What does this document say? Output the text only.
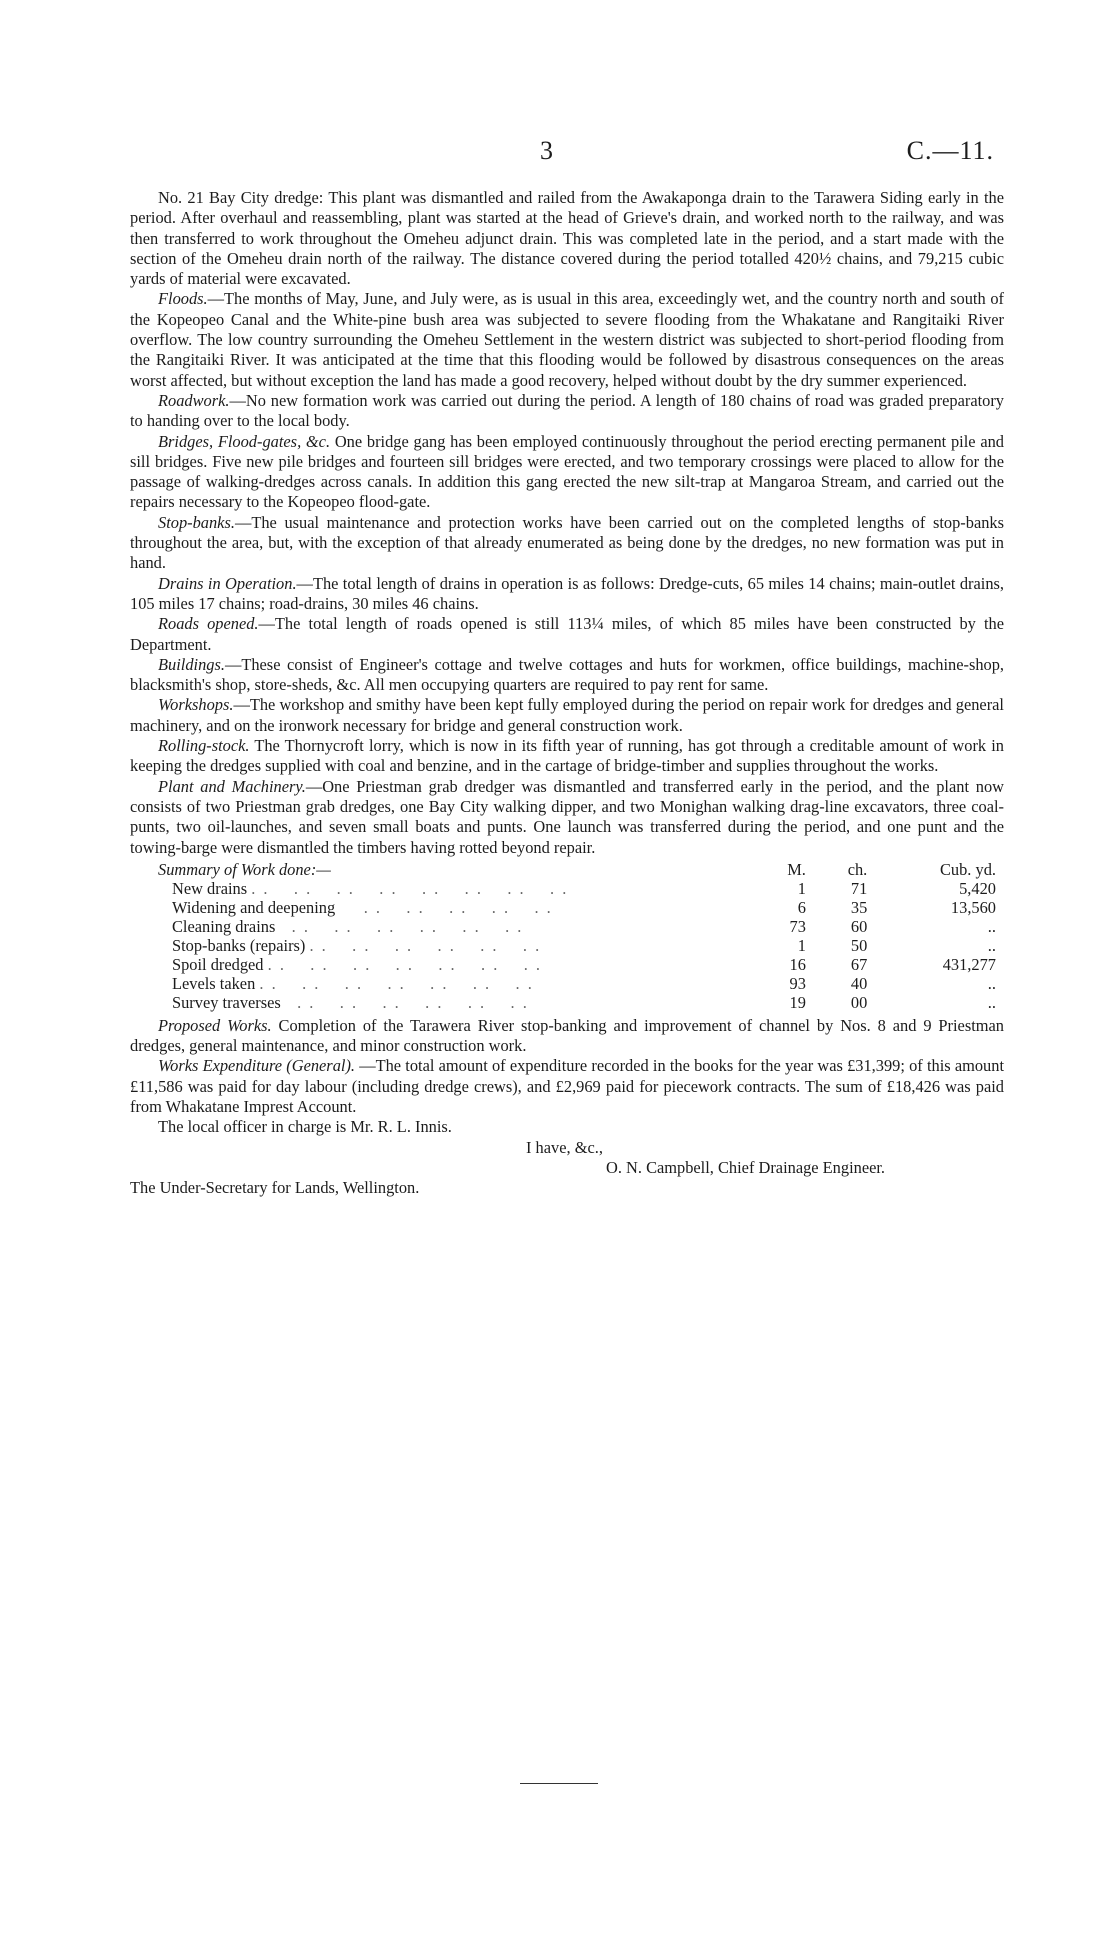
3	C.—11.

No. 21 Bay City dredge: This plant was dismantled and railed from the Awakaponga drain to the Tarawera Siding early in the period. After overhaul and reassembling, plant was started at the head of Grieve's drain, and worked north to the railway, and was then transferred to work throughout the Omeheu adjunct drain. This was completed late in the period, and a start made with the section of the Omeheu drain north of the railway. The distance covered during the period totalled 420½ chains, and 79,215 cubic yards of material were excavated.

Floods.—The months of May, June, and July were, as is usual in this area, exceedingly wet, and the country north and south of the Kopeopeo Canal and the White-pine bush area was subjected to severe flooding from the Whakatane and Rangitaiki River overflow. The low country surrounding the Omeheu Settlement in the western district was subjected to short-period flooding from the Rangitaiki River. It was anticipated at the time that this flooding would be followed by disastrous consequences on the areas worst affected, but without exception the land has made a good recovery, helped without doubt by the dry summer experienced.

Roadwork.—No new formation work was carried out during the period. A length of 180 chains of road was graded preparatory to handing over to the local body.

Bridges, Flood-gates, &c. One bridge gang has been employed continuously throughout the period erecting permanent pile and sill bridges. Five new pile bridges and fourteen sill bridges were erected, and two temporary crossings were placed to allow for the passage of walking-dredges across canals. In addition this gang erected the new silt-trap at Mangaroa Stream, and carried out the repairs necessary to the Kopeopeo flood-gate.

Stop-banks.—The usual maintenance and protection works have been carried out on the completed lengths of stop-banks throughout the area, but, with the exception of that already enumerated as being done by the dredges, no new formation was put in hand.

Drains in Operation.—The total length of drains in operation is as follows: Dredge-cuts, 65 miles 14 chains; main-outlet drains, 105 miles 17 chains; road-drains, 30 miles 46 chains.

Roads opened.—The total length of roads opened is still 113¼ miles, of which 85 miles have been constructed by the Department.

Buildings.—These consist of Engineer's cottage and twelve cottages and huts for workmen, office buildings, machine-shop, blacksmith's shop, store-sheds, &c. All men occupying quarters are required to pay rent for same.

Workshops.—The workshop and smithy have been kept fully employed during the period on repair work for dredges and general machinery, and on the ironwork necessary for bridge and general construction work.

Rolling-stock. The Thornycroft lorry, which is now in its fifth year of running, has got through a creditable amount of work in keeping the dredges supplied with coal and benzine, and in the cartage of bridge-timber and supplies throughout the works.

Plant and Machinery.—One Priestman grab dredger was dismantled and transferred early in the period, and the plant now consists of two Priestman grab dredges, one Bay City walking dipper, and two Monighan walking drag-line excavators, three coal-punts, two oil-launches, and seven small boats and punts. One launch was transferred during the period, and one punt and the towing-barge were dismantled the timbers having rotted beyond repair.

Summary of Work done:—	M.	ch.	Cub. yd.
New drains . .    . .    . .    . .    . .    . .    . .    . .	1	71	5,420
Widening and deepening     . .    . .    . .    . .    . .	6	35	13,560
Cleaning drains   . .    . .    . .    . .    . .    . .	73	60	..
Stop-banks (repairs) . .    . .    . .    . .    . .    . .	1	50	..
Spoil dredged . .    . .    . .    . .    . .    . .    . .	16	67	431,277
Levels taken . .    . .    . .    . .    . .    . .    . .	93	40	..
Survey traverses   . .    . .    . .    . .    . .    . .	19	00	..

Proposed Works. Completion of the Tarawera River stop-banking and improvement of channel by Nos. 8 and 9 Priestman dredges, general maintenance, and minor construction work.

Works Expenditure (General). —The total amount of expenditure recorded in the books for the year was £31,399; of this amount £11,586 was paid for day labour (including dredge crews), and £2,969 paid for piecework contracts. The sum of £18,426 was paid from Whakatane Imprest Account.

The local officer in charge is Mr. R. L. Innis.

I have, &c.,

O. N. Campbell, Chief Drainage Engineer.

The Under-Secretary for Lands, Wellington.
